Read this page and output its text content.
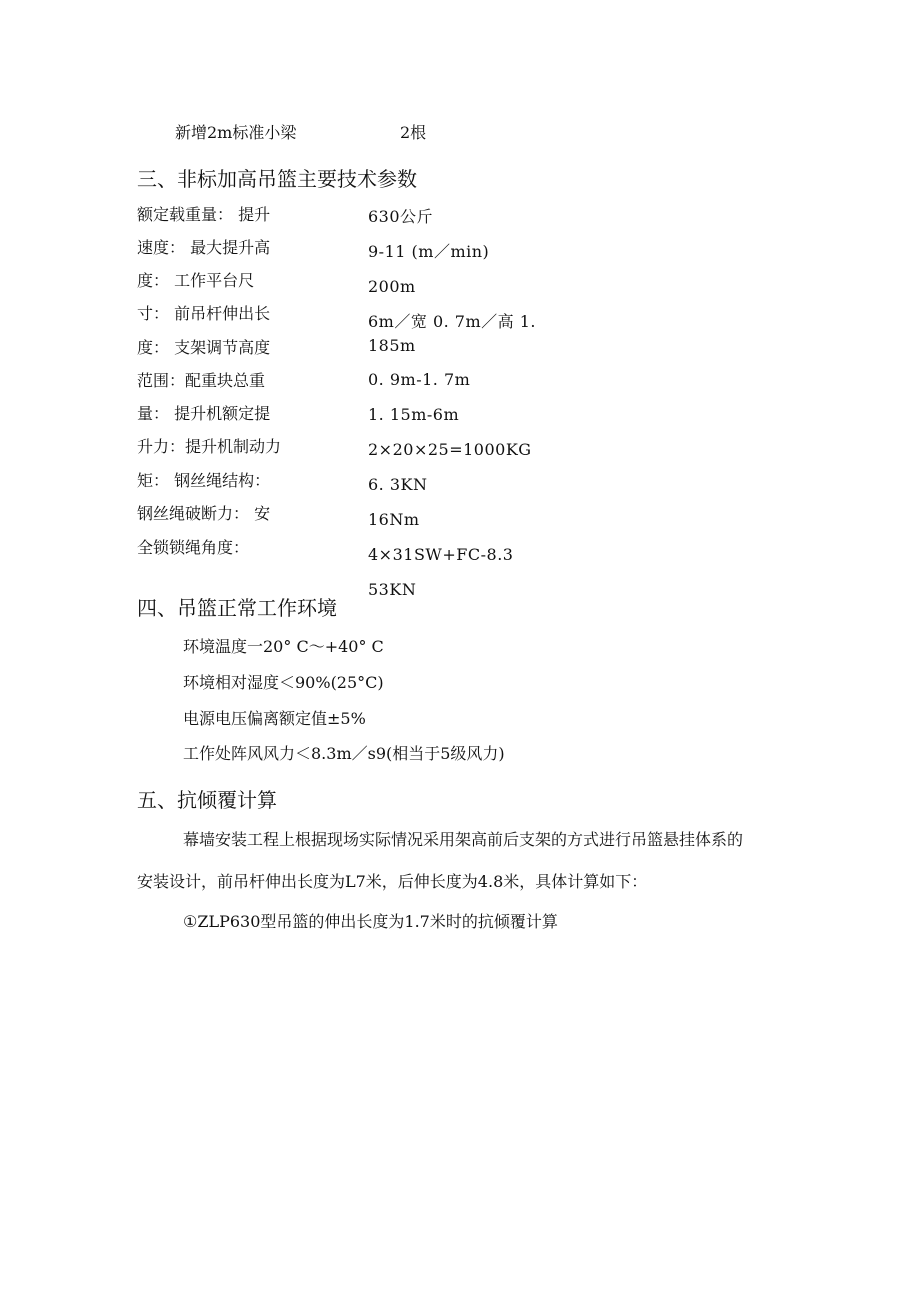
新增2m标准小梁	2根
三、非标加高吊篮主要技术参数
额定载重量： 提升
速度： 最大提升高
度： 工作平台尺
寸： 前吊杆伸出长
度： 支架调节高度
范围：配重块总重
量： 提升机额定提
升力：提升机制动力
矩： 钢丝绳结构：
钢丝绳破断力： 安
全锁锁绳角度：
630公斤
9-11 (m／min)
200m
6m／宽 0. 7m／高 1.
185m
0. 9m-1. 7m
1. 15m-6m
2×20×25=1000KG
6. 3KN
16Nm
4×31SW+FC-8.3
53KN
四、吊篮正常工作环境
环境温度一20° C～+40° C
环境相对湿度＜90%(25°C)
电源电压偏离额定值±5%
工作处阵风风力＜8.3m／s9(相当于5级风力)
五、抗倾覆计算
幕墙安装工程上根据现场实际情况采用架高前后支架的方式进行吊篮悬挂体系的
安装设计，前吊杆伸出长度为L7米，后伸长度为4.8米，具体计算如下：
①ZLP630型吊篮的伸出长度为1.7米时的抗倾覆计算
